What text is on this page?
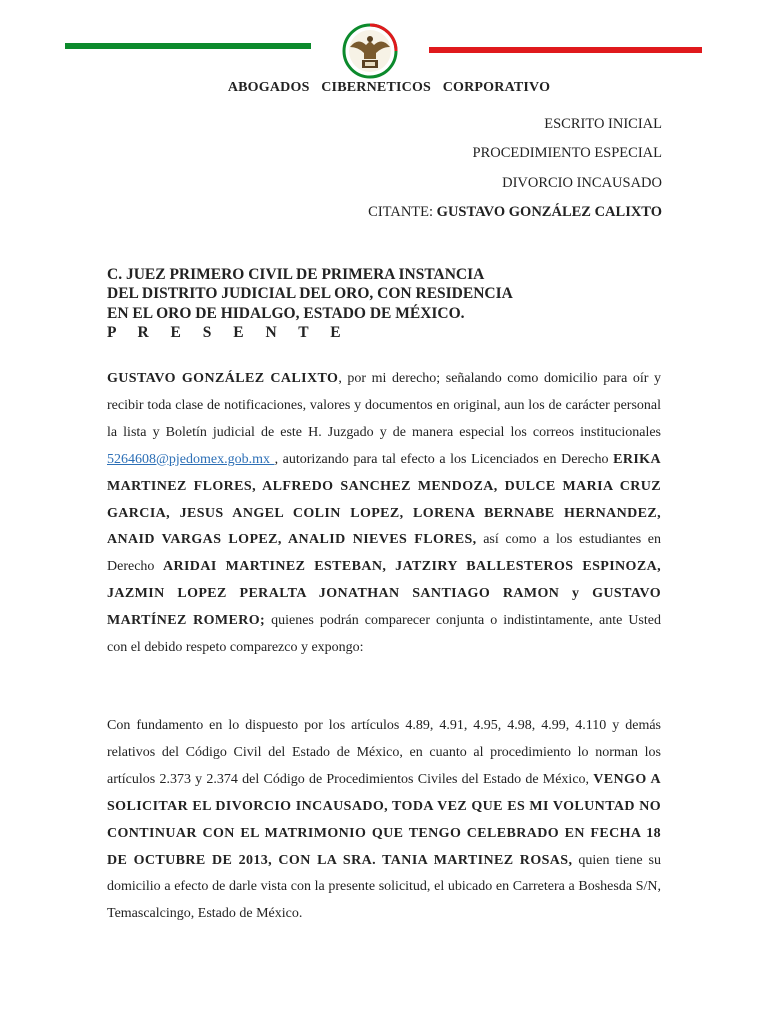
ABOGADOS CIBERNETICOS CORPORATIVO
ESCRITO INICIAL
PROCEDIMIENTO ESPECIAL
DIVORCIO INCAUSADO
CITANTE: GUSTAVO GONZÁLEZ CALIXTO
C. JUEZ PRIMERO CIVIL DE PRIMERA INSTANCIA
DEL DISTRITO JUDICIAL DEL ORO, CON RESIDENCIA
EN EL ORO DE HIDALGO, ESTADO DE MÉXICO.
P R E S E N T E
GUSTAVO GONZÁLEZ CALIXTO, por mi derecho; señalando como domicilio para oír y recibir toda clase de notificaciones, valores y documentos en original, aun los de carácter personal la lista y Boletín judicial de este H. Juzgado y de manera especial los correos institucionales 5264608@pjedomex.gob.mx , autorizando para tal efecto a los Licenciados en Derecho ERIKA MARTINEZ FLORES, ALFREDO SANCHEZ MENDOZA, DULCE MARIA CRUZ GARCIA, JESUS ANGEL COLIN LOPEZ, LORENA BERNABE HERNANDEZ, ANAID VARGAS LOPEZ, ANALID NIEVES FLORES, así como a los estudiantes en Derecho ARIDAI MARTINEZ ESTEBAN, JATZIRY BALLESTEROS ESPINOZA, JAZMIN LOPEZ PERALTA JONATHAN SANTIAGO RAMON y GUSTAVO MARTÍNEZ ROMERO; quienes podrán comparecer conjunta o indistintamente, ante Usted con el debido respeto comparezco y expongo:
Con fundamento en lo dispuesto por los artículos 4.89, 4.91, 4.95, 4.98, 4.99, 4.110 y demás relativos del Código Civil del Estado de México, en cuanto al procedimiento lo norman los artículos 2.373 y 2.374 del Código de Procedimientos Civiles del Estado de México, VENGO A SOLICITAR EL DIVORCIO INCAUSADO, TODA VEZ QUE ES MI VOLUNTAD NO CONTINUAR CON EL MATRIMONIO QUE TENGO CELEBRADO EN FECHA 18 DE OCTUBRE DE 2013, CON LA SRA. TANIA MARTINEZ ROSAS, quien tiene su domicilio a efecto de darle vista con la presente solicitud, el ubicado en Carretera a Boshesda S/N, Temascalcingo, Estado de México.
